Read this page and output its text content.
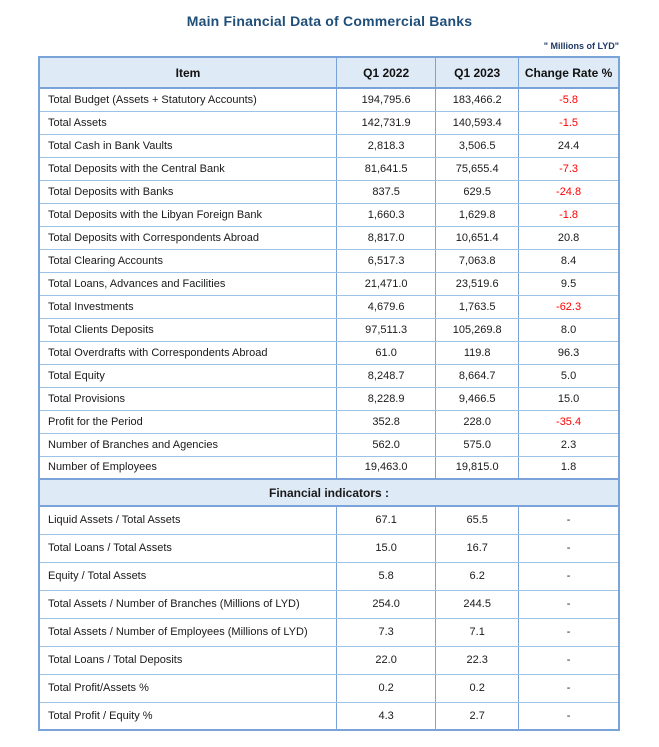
Main Financial Data of Commercial Banks
" Millions of LYD"
Item	Q1 2022	Q1 2023	Change Rate %
Total Budget (Assets + Statutory Accounts)	194,795.6	183,466.2	-5.8
Total Assets	142,731.9	140,593.4	-1.5
Total Cash in Bank Vaults	2,818.3	3,506.5	24.4
Total Deposits with the Central Bank	81,641.5	75,655.4	-7.3
Total Deposits with Banks	837.5	629.5	-24.8
Total Deposits with the Libyan Foreign Bank	1,660.3	1,629.8	-1.8
Total Deposits with Correspondents Abroad	8,817.0	10,651.4	20.8
Total Clearing Accounts	6,517.3	7,063.8	8.4
Total Loans, Advances and Facilities	21,471.0	23,519.6	9.5
Total Investments	4,679.6	1,763.5	-62.3
Total Clients Deposits	97,511.3	105,269.8	8.0
Total Overdrafts with Correspondents Abroad	61.0	119.8	96.3
Total Equity	8,248.7	8,664.7	5.0
Total Provisions	8,228.9	9,466.5	15.0
Profit for the Period	352.8	228.0	-35.4
Number of Branches and Agencies	562.0	575.0	2.3
Number of Employees	19,463.0	19,815.0	1.8
Financial indicators :			
Liquid Assets / Total Assets	67.1	65.5	-
Total Loans / Total Assets	15.0	16.7	-
Equity / Total Assets	5.8	6.2	-
Total Assets / Number of Branches (Millions of LYD)	254.0	244.5	-
Total Assets / Number of Employees (Millions of LYD)	7.3	7.1	-
Total Loans / Total Deposits	22.0	22.3	-
Total Profit/Assets %	0.2	0.2	-
Total Profit / Equity %	4.3	2.7	-
